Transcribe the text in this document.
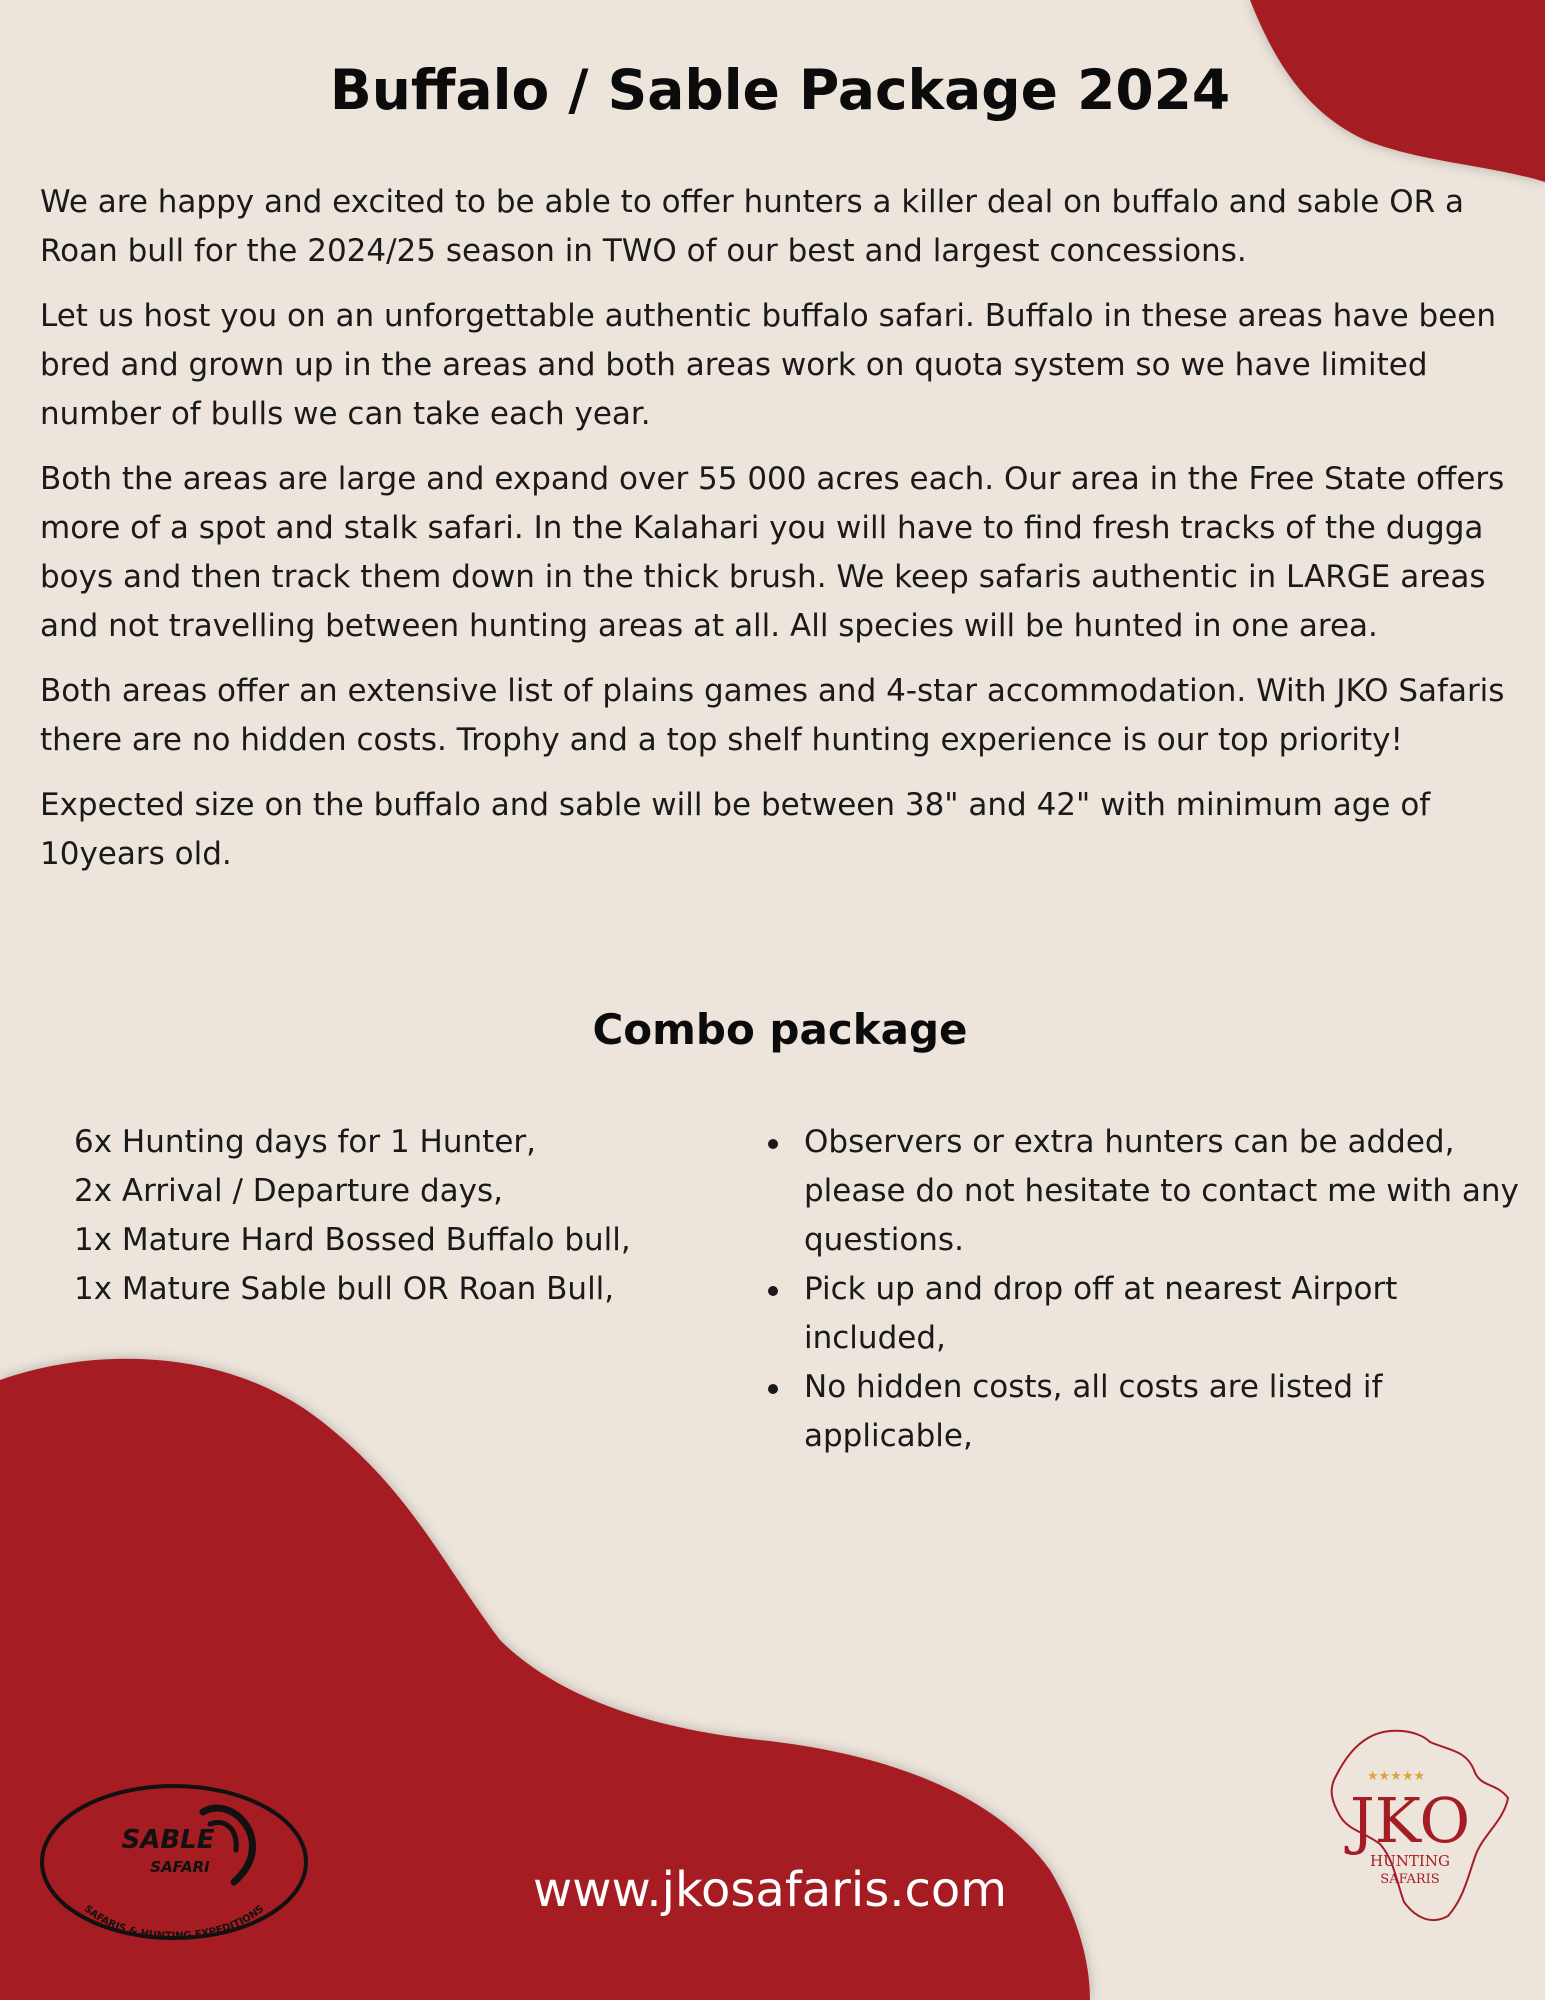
Buffalo / Sable Package 2024

We are happy and excited to be able to offer hunters a killer deal on buffalo and sable OR a Roan bull for the 2024/25 season in TWO of our best and largest concessions.

Let us host you on an unforgettable authentic buffalo safari. Buffalo in these areas have been bred and grown up in the areas and both areas work on quota system so we have limited number of bulls we can take each year.

Both the areas are large and expand over 55 000 acres each. Our area in the Free State offers more of a spot and stalk safari. In the Kalahari you will have to find fresh tracks of the dugga boys and then track them down in the thick brush. We keep safaris authentic in LARGE areas and not travelling between hunting areas at all. All species will be hunted in one area.

Both areas offer an extensive list of plains games and 4-star accommodation. With JKO Safaris there are no hidden costs. Trophy and a top shelf hunting experience is our top priority!

Expected size on the buffalo and sable will be between 38" and 42" with minimum age of 10years old.

Combo package
6x Hunting days for 1 Hunter,
2x Arrival / Departure days,
1x Mature Hard Bossed Buffalo bull,
1x Mature Sable bull OR Roan Bull,
Observers or extra hunters can be added, please do not hesitate to contact me with any questions.
Pick up and drop off at nearest Airport included,
No hidden costs, all costs are listed if applicable,
SABLE
SAFARI
SAFARIS & HUNTING EXPEDITIONS
★★★★★
JKO
HUNTING
SAFARIS
www.jkosafaris.com
